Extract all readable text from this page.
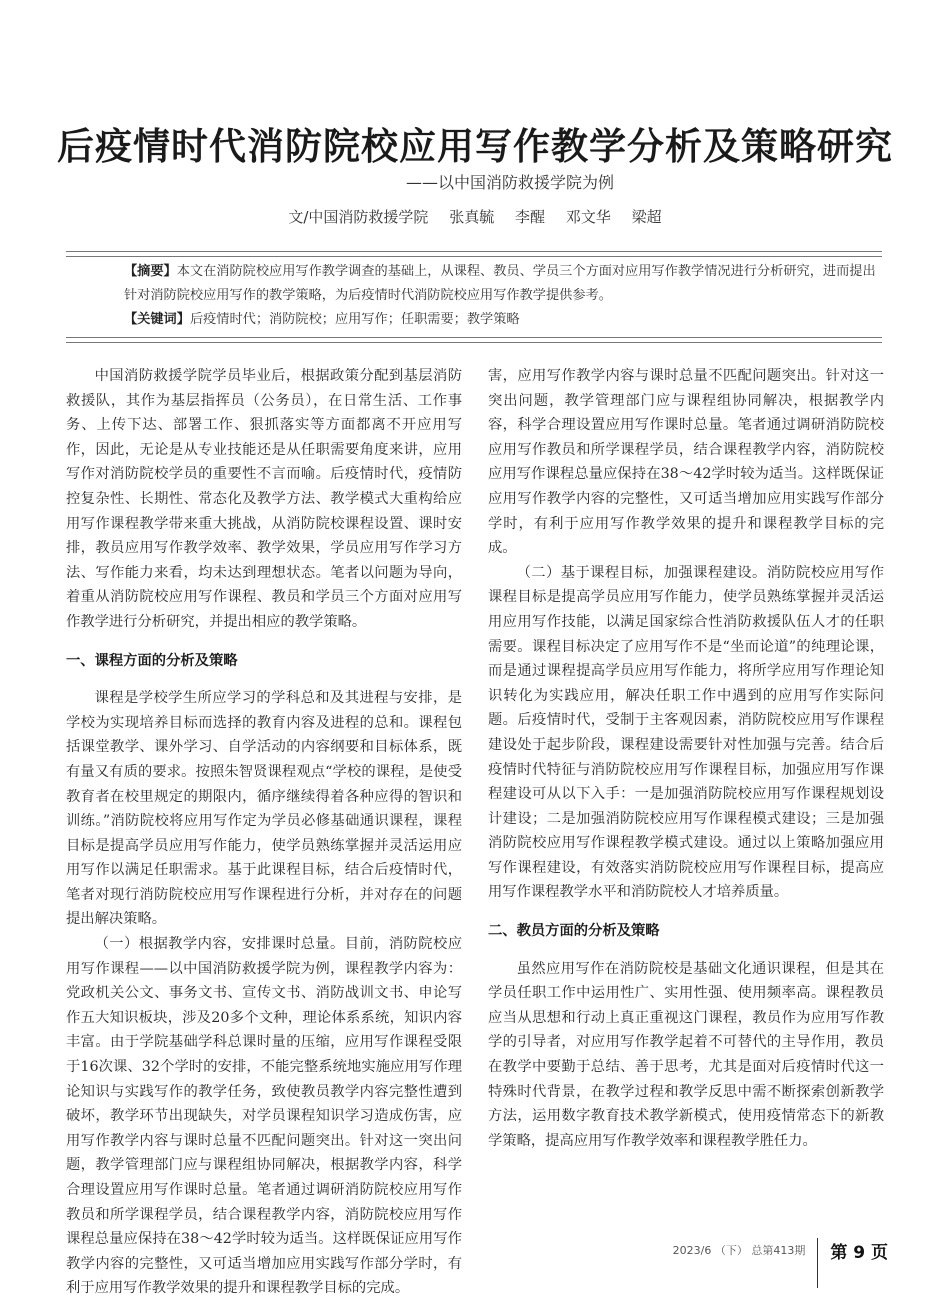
后疫情时代消防院校应用写作教学分析及策略研究
——以中国消防救援学院为例
文/中国消防救援学院 张真毓 李醒 邓文华 梁超

【摘要】本文在消防院校应用写作教学调查的基础上，从课程、教员、学员三个方面对应用写作教学情况进行分析研究，进而提出针对消防院校应用写作的教学策略，为后疫情时代消防院校应用写作教学提供参考。

【关键词】后疫情时代；消防院校；应用写作；任职需要；教学策略

中国消防救援学院学员毕业后，根据政策分配到基层消防救援队，其作为基层指挥员（公务员），在日常生活、工作事务、上传下达、部署工作、狠抓落实等方面都离不开应用写作，因此，无论是从专业技能还是从任职需要角度来讲，应用写作对消防院校学员的重要性不言而喻。后疫情时代，疫情防控复杂性、长期性、常态化及教学方法、教学模式大重构给应用写作课程教学带来重大挑战，从消防院校课程设置、课时安排，教员应用写作教学效率、教学效果，学员应用写作学习方法、写作能力来看，均未达到理想状态。笔者以问题为导向，着重从消防院校应用写作课程、教员和学员三个方面对应用写作教学进行分析研究，并提出相应的教学策略。

一、课程方面的分析及策略

课程是学校学生所应学习的学科总和及其进程与安排，是学校为实现培养目标而选择的教育内容及进程的总和。课程包括课堂教学、课外学习、自学活动的内容纲要和目标体系，既有量又有质的要求。按照朱智贤课程观点“学校的课程，是使受教育者在校里规定的期限内，循序继续得着各种应得的智识和训练。”消防院校将应用写作定为学员必修基础通识课程，课程目标是提高学员应用写作能力，使学员熟练掌握并灵活运用应用写作以满足任职需求。基于此课程目标，结合后疫情时代，笔者对现行消防院校应用写作课程进行分析，并对存在的问题提出解决策略。

（一）根据教学内容，安排课时总量。目前，消防院校应用写作课程——以中国消防救援学院为例，课程教学内容为：党政机关公文、事务文书、宣传文书、消防战训文书、申论写作五大知识板块，涉及20多个文种，理论体系系统，知识内容丰富。由于学院基础学科总课时量的压缩，应用写作课程受限于16次课、32个学时的安排，不能完整系统地实施应用写作理论知识与实践写作的教学任务，致使教员教学内容完整性遭到破坏，教学环节出现缺失，对学员课程知识学习造成伤害，应用写作教学内容与课时总量不匹配问题突出。针对这一突出问题，教学管理部门应与课程组协同解决，根据教学内容，科学合理设置应用写作课时总量。笔者通过调研消防院校应用写作教员和所学课程学员，结合课程教学内容，消防院校应用写作课程总量应保持在38～42学时较为适当。这样既保证应用写作教学内容的完整性，又可适当增加应用实践写作部分学时，有利于应用写作教学效果的提升和课程教学目标的完成。

害，应用写作教学内容与课时总量不匹配问题突出。针对这一突出问题，教学管理部门应与课程组协同解决，根据教学内容，科学合理设置应用写作课时总量。笔者通过调研消防院校应用写作教员和所学课程学员，结合课程教学内容，消防院校应用写作课程总量应保持在38～42学时较为适当。这样既保证应用写作教学内容的完整性，又可适当增加应用实践写作部分学时，有利于应用写作教学效果的提升和课程教学目标的完成。

（二）基于课程目标，加强课程建设。消防院校应用写作课程目标是提高学员应用写作能力，使学员熟练掌握并灵活运用应用写作技能，以满足国家综合性消防救援队伍人才的任职需要。课程目标决定了应用写作不是“坐而论道”的纯理论课，而是通过课程提高学员应用写作能力，将所学应用写作理论知识转化为实践应用，解决任职工作中遇到的应用写作实际问题。后疫情时代，受制于主客观因素，消防院校应用写作课程建设处于起步阶段，课程建设需要针对性加强与完善。结合后疫情时代特征与消防院校应用写作课程目标，加强应用写作课程建设可从以下入手：一是加强消防院校应用写作课程规划设计建设；二是加强消防院校应用写作课程模式建设；三是加强消防院校应用写作课程教学模式建设。通过以上策略加强应用写作课程建设，有效落实消防院校应用写作课程目标，提高应用写作课程教学水平和消防院校人才培养质量。

二、教员方面的分析及策略

虽然应用写作在消防院校是基础文化通识课程，但是其在学员任职工作中运用性广、实用性强、使用频率高。课程教员应当从思想和行动上真正重视这门课程，教员作为应用写作教学的引导者，对应用写作教学起着不可替代的主导作用，教员在教学中要勤于总结、善于思考，尤其是面对后疫情时代这一特殊时代背景，在教学过程和教学反思中需不断探索创新教学方法，运用数字教育技术教学新模式，使用疫情常态下的新教学策略，提高应用写作教学效率和课程教学胜任力。

2023/6 （下） 总第413期 第 9 页
